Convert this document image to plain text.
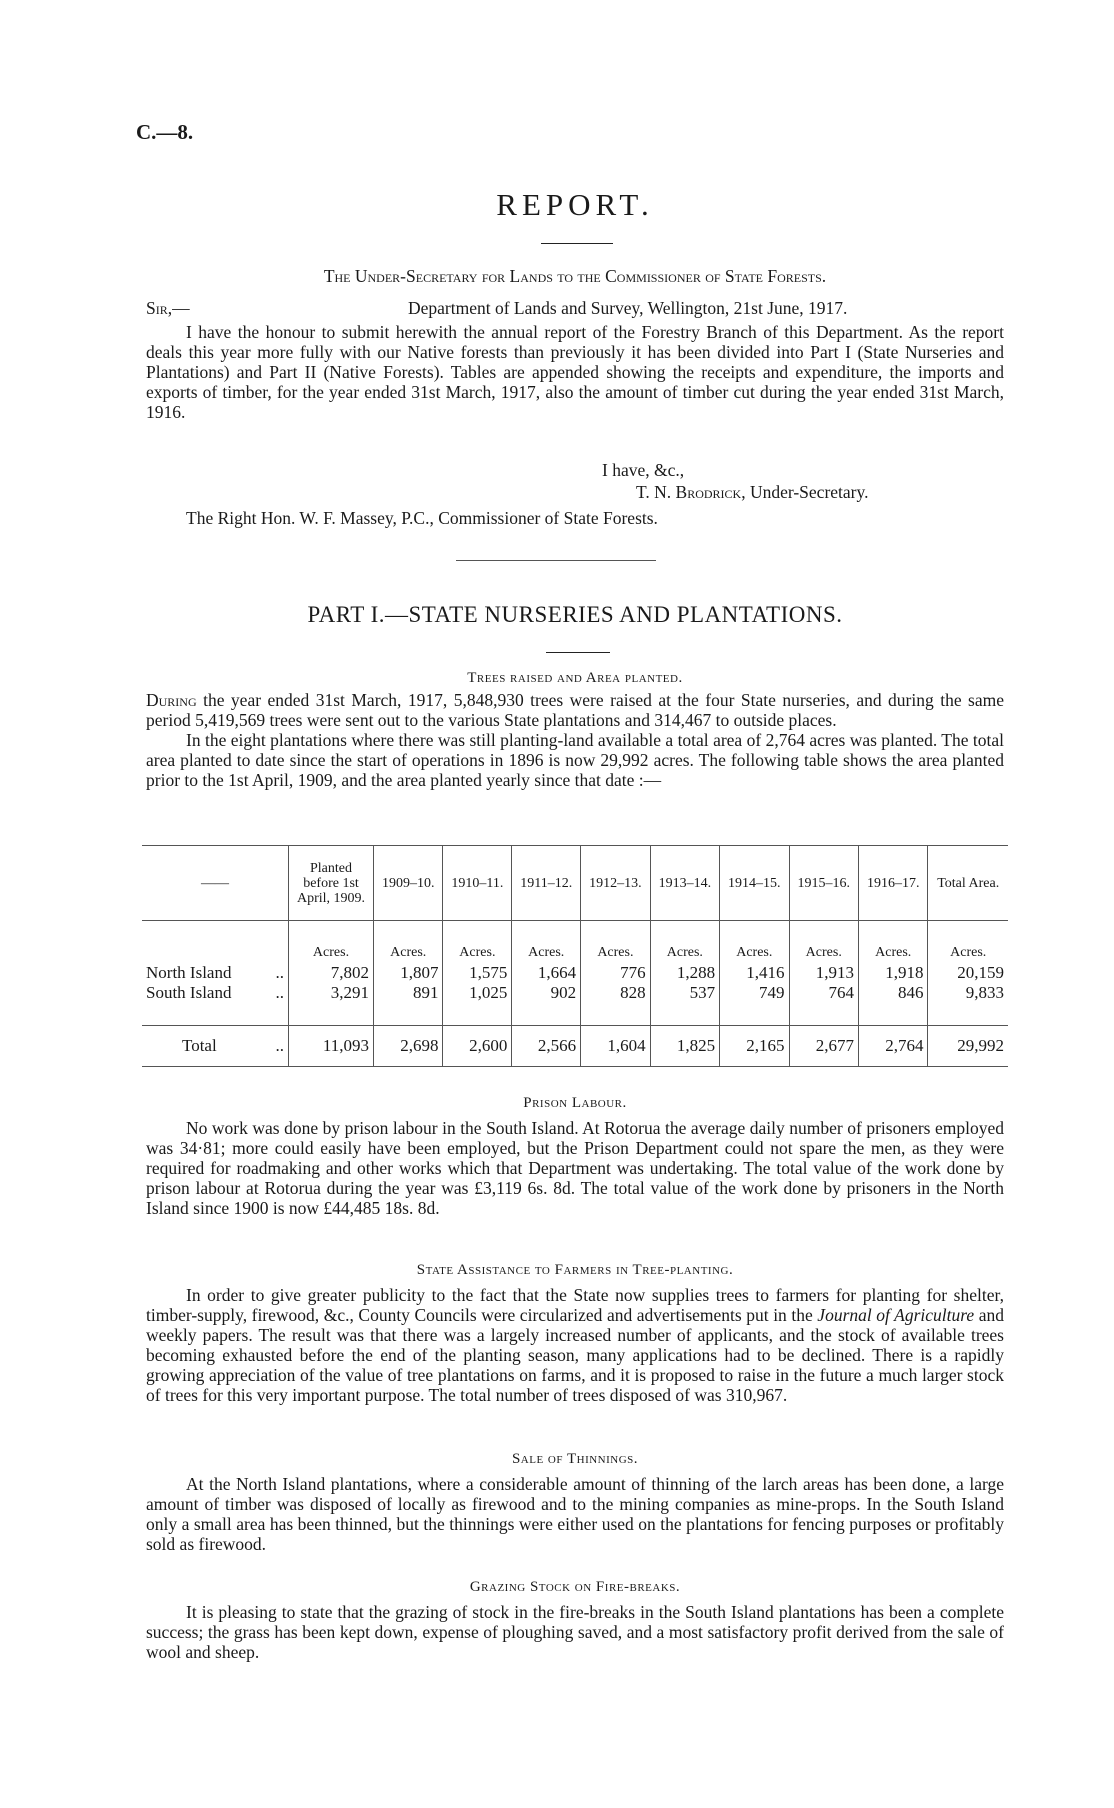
C.—8.
REPORT.
The Under-Secretary for Lands to the Commissioner of State Forests.
Sir,—	Department of Lands and Survey, Wellington, 21st June, 1917.

I have the honour to submit herewith the annual report of the Forestry Branch of this Department. As the report deals this year more fully with our Native forests than previously it has been divided into Part I (State Nurseries and Plantations) and Part II (Native Forests). Tables are appended showing the receipts and expenditure, the imports and exports of timber, for the year ended 31st March, 1917, also the amount of timber cut during the year ended 31st March, 1916.

I have, &c.,
T. N. Brodrick, Under-Secretary.
The Right Hon. W. F. Massey, P.C., Commissioner of State Forests.
PART I.—STATE NURSERIES AND PLANTATIONS.
Trees raised and Area planted.

During the year ended 31st March, 1917, 5,848,930 trees were raised at the four State nurseries, and during the same period 5,419,569 trees were sent out to the various State plantations and 314,467 to outside places.

In the eight plantations where there was still planting-land available a total area of 2,764 acres was planted. The total area planted to date since the start of operations in 1896 is now 29,992 acres. The following table shows the area planted prior to the 1st April, 1909, and the area planted yearly since that date :—

——	Planted before 1st April, 1909.	1909–10.	1910–11.	1911–12.	1912–13.	1913–14.	1914–15.	1915–16.	1916–17.	Total Area.

	Acres.	Acres.	Acres.	Acres.	Acres.	Acres.	Acres.	Acres.	Acres.	Acres.
North Island ..	7,802	1,807	1,575	1,664	776	1,288	1,416	1,913	1,918	20,159
South Island ..	3,291	891	1,025	902	828	537	749	764	846	9,833

Total ..	11,093	2,698	2,600	2,566	1,604	1,825	2,165	2,677	2,764	29,992
Prison Labour.

No work was done by prison labour in the South Island. At Rotorua the average daily number of prisoners employed was 34·81; more could easily have been employed, but the Prison Department could not spare the men, as they were required for roadmaking and other works which that Department was undertaking. The total value of the work done by prison labour at Rotorua during the year was £3,119 6s. 8d. The total value of the work done by prisoners in the North Island since 1900 is now £44,485 18s. 8d.

State Assistance to Farmers in Tree-planting.

In order to give greater publicity to the fact that the State now supplies trees to farmers for planting for shelter, timber-supply, firewood, &c., County Councils were circularized and advertisements put in the Journal of Agriculture and weekly papers. The result was that there was a largely increased number of applicants, and the stock of available trees becoming exhausted before the end of the planting season, many applications had to be declined. There is a rapidly growing appreciation of the value of tree plantations on farms, and it is proposed to raise in the future a much larger stock of trees for this very important purpose. The total number of trees disposed of was 310,967.

Sale of Thinnings.

At the North Island plantations, where a considerable amount of thinning of the larch areas has been done, a large amount of timber was disposed of locally as firewood and to the mining companies as mine-props. In the South Island only a small area has been thinned, but the thinnings were either used on the plantations for fencing purposes or profitably sold as firewood.

Grazing Stock on Fire-breaks.

It is pleasing to state that the grazing of stock in the fire-breaks in the South Island plantations has been a complete success; the grass has been kept down, expense of ploughing saved, and a most satisfactory profit derived from the sale of wool and sheep.
